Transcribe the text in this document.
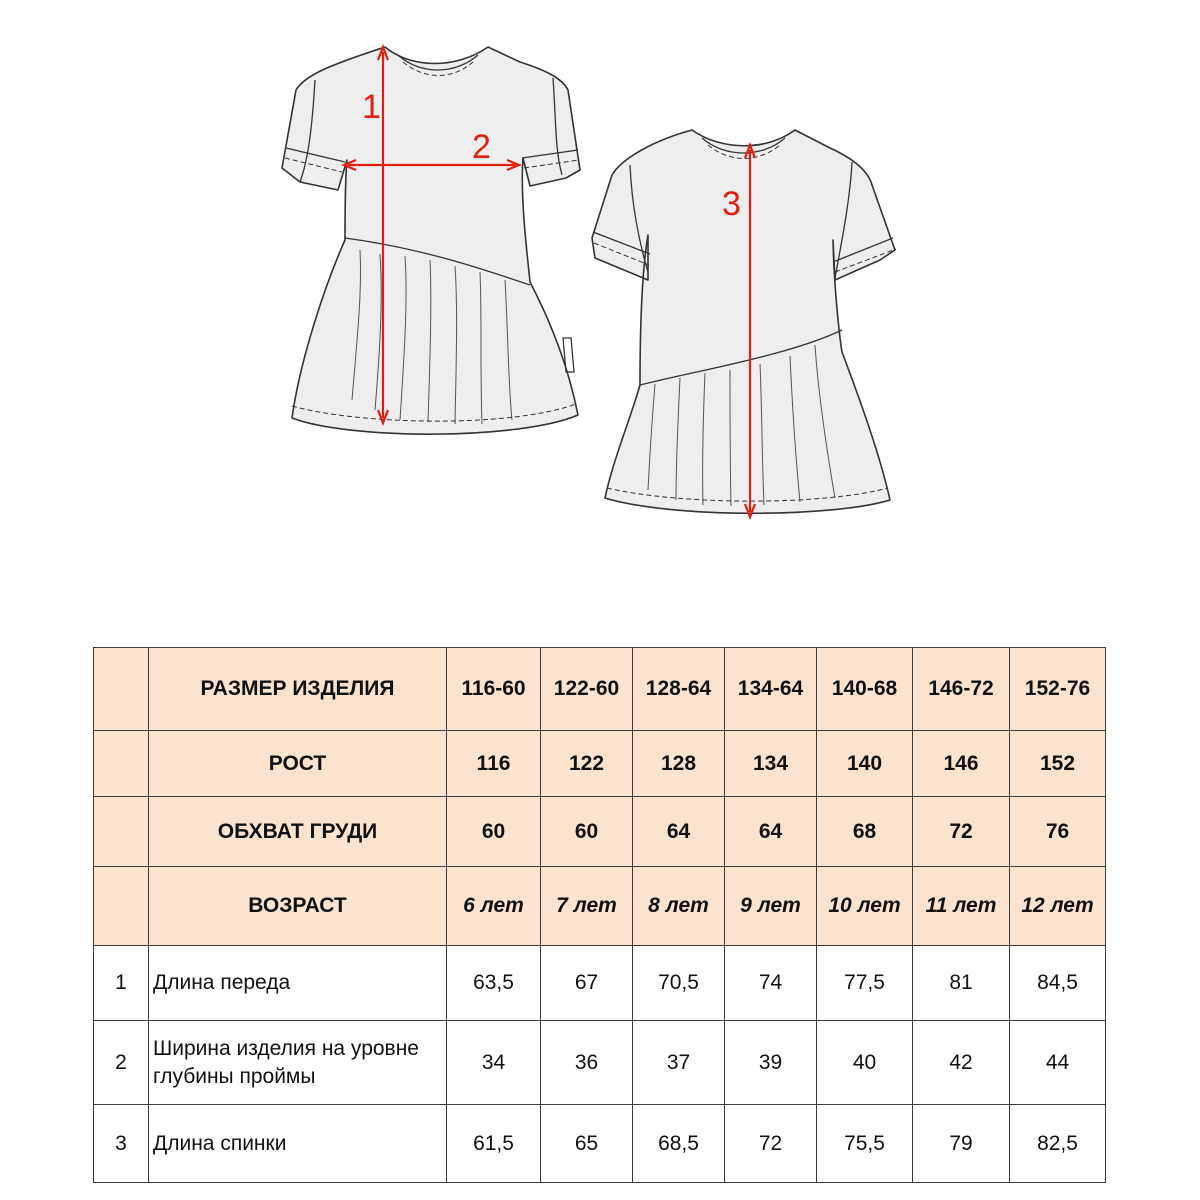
1
2
3
	РАЗМЕР ИЗДЕЛИЯ	116-60	122-60	128-64	134-64	140-68	146-72	152-76
	РОСТ	116	122	128	134	140	146	152
	ОБХВАТ ГРУДИ	60	60	64	64	68	72	76
	ВОЗРАСТ	6 лет	7 лет	8 лет	9 лет	10 лет	11 лет	12 лет
1	Длина переда	63,5	67	70,5	74	77,5	81	84,5
2	Ширина изделия на уровне глубины проймы	34	36	37	39	40	42	44
3	Длина спинки	61,5	65	68,5	72	75,5	79	82,5
